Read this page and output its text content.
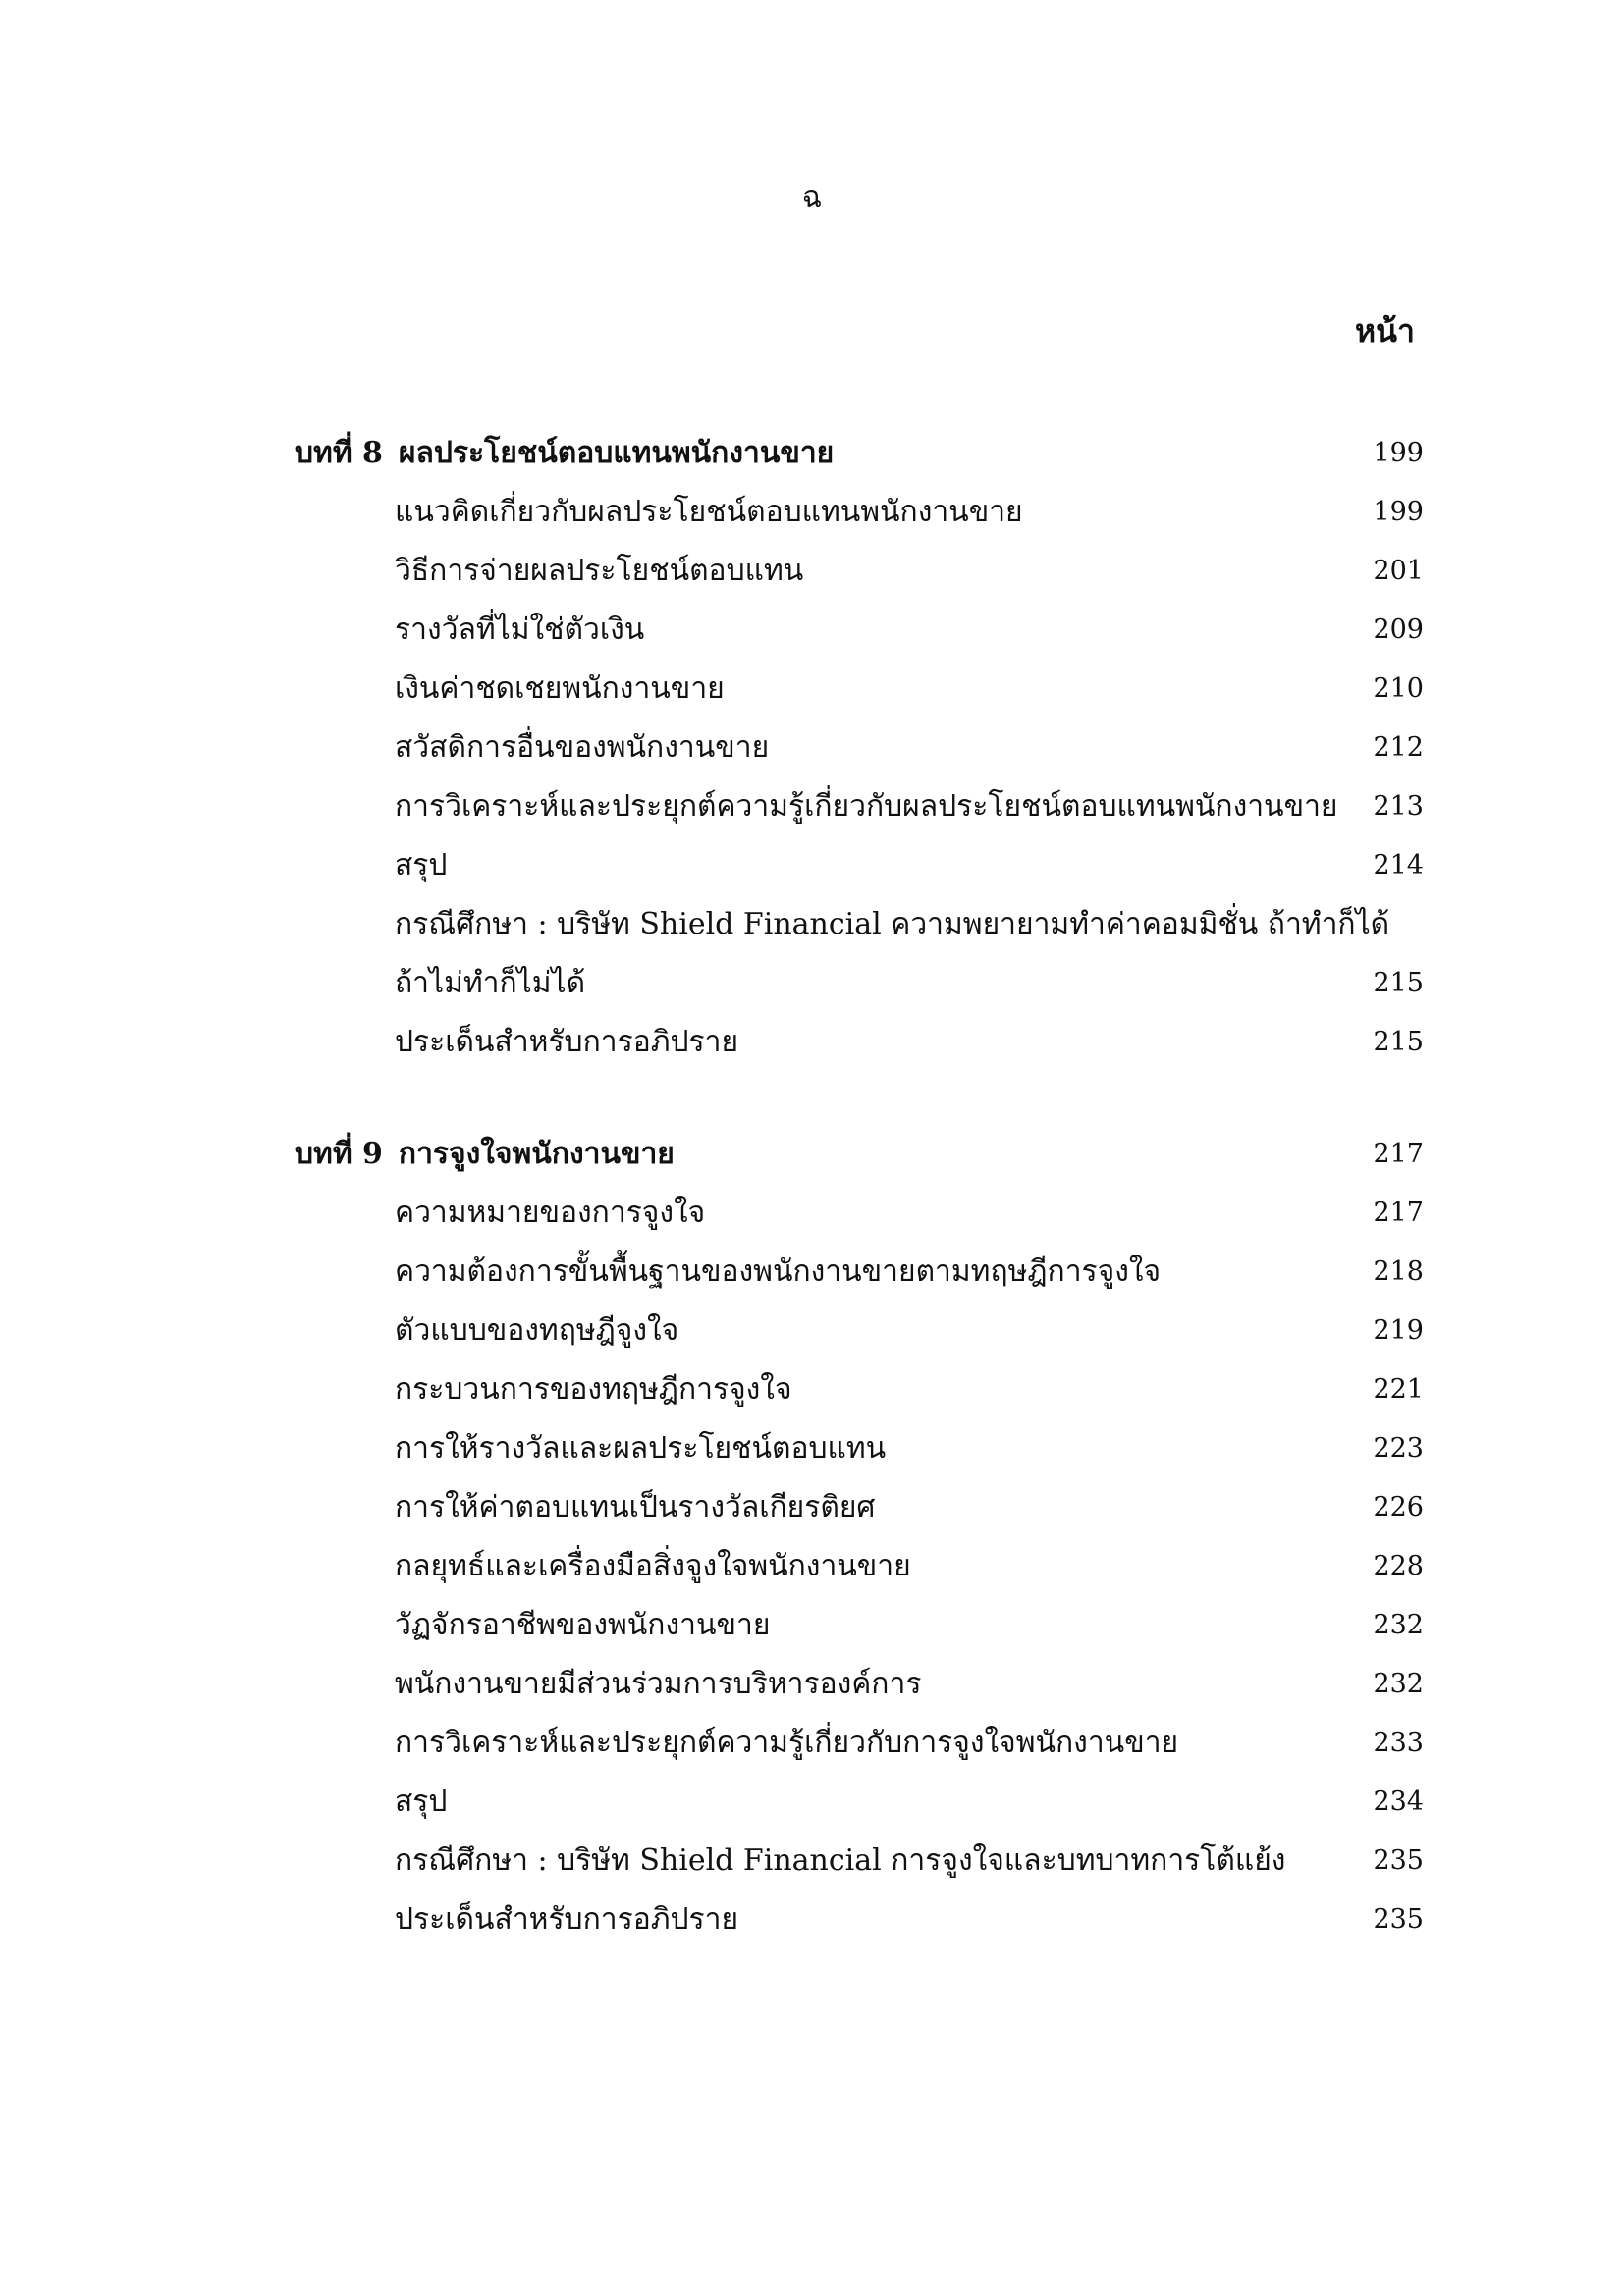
ฉ
หน้า
บทที่ 8 ผลประโยชน์ตอบแทนพนักงานขาย	199
แนวคิดเกี่ยวกับผลประโยชน์ตอบแทนพนักงานขาย	199
วิธีการจ่ายผลประโยชน์ตอบแทน	201
รางวัลที่ไม่ใช่ตัวเงิน	209
เงินค่าชดเชยพนักงานขาย	210
สวัสดิการอื่นของพนักงานขาย	212
การวิเคราะห์และประยุกต์ความรู้เกี่ยวกับผลประโยชน์ตอบแทนพนักงานขาย 213
สรุป	214
กรณีศึกษา : บริษัท Shield Financial ความพยายามทำค่าคอมมิชั่น ถ้าทำก็ได้
ถ้าไม่ทำก็ไม่ได้	215
ประเด็นสำหรับการอภิปราย	215
บทที่ 9 การจูงใจพนักงานขาย	217
ความหมายของการจูงใจ	217
ความต้องการขั้นพื้นฐานของพนักงานขายตามทฤษฎีการจูงใจ	218
ตัวแบบของทฤษฎีจูงใจ	219
กระบวนการของทฤษฎีการจูงใจ	221
การให้รางวัลและผลประโยชน์ตอบแทน	223
การให้ค่าตอบแทนเป็นรางวัลเกียรติยศ	226
กลยุทธ์และเครื่องมือสิ่งจูงใจพนักงานขาย	228
วัฏจักรอาชีพของพนักงานขาย	232
พนักงานขายมีส่วนร่วมการบริหารองค์การ	232
การวิเคราะห์และประยุกต์ความรู้เกี่ยวกับการจูงใจพนักงานขาย	233
สรุป	234
กรณีศึกษา : บริษัท Shield Financial การจูงใจและบทบาทการโต้แย้ง	235
ประเด็นสำหรับการอภิปราย	235
